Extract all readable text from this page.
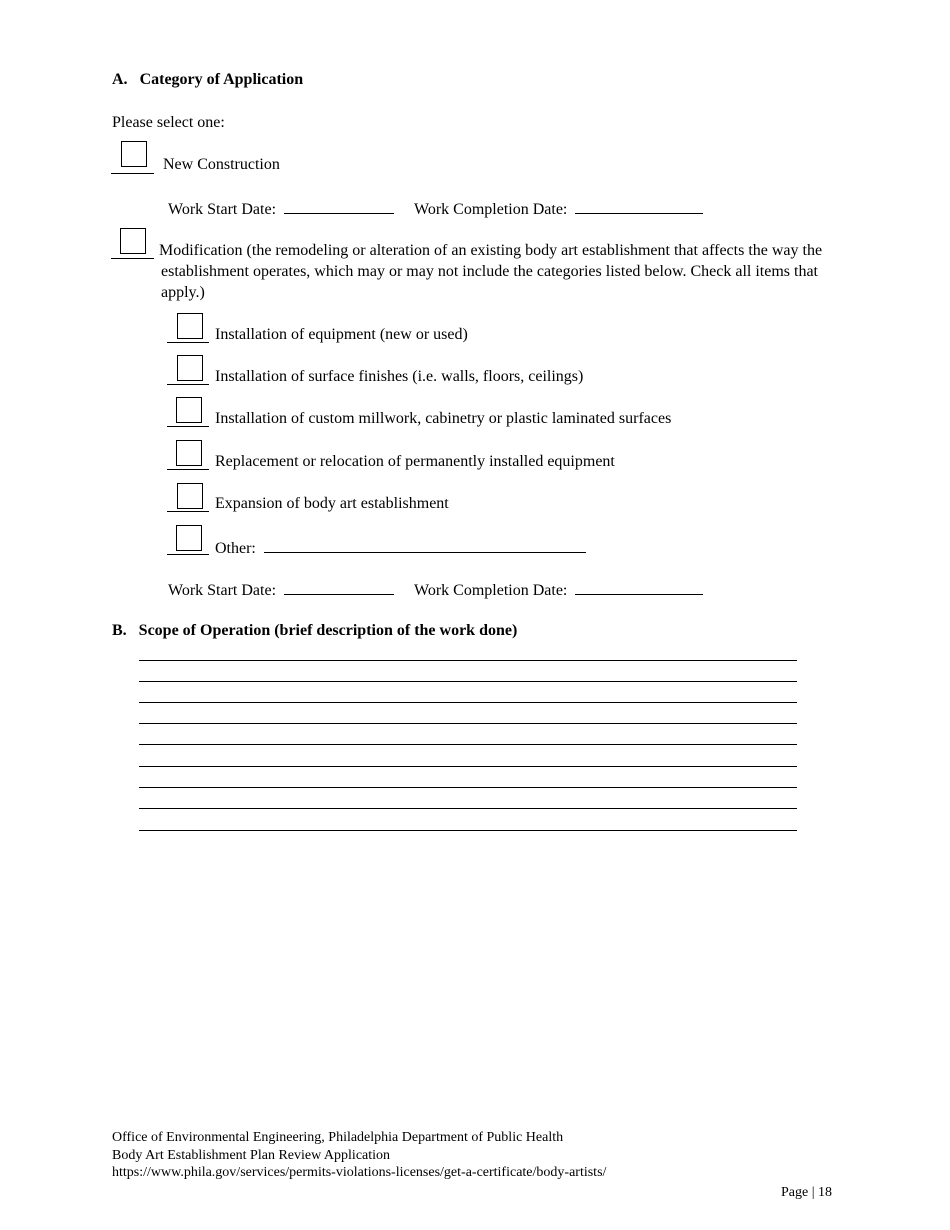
A. Category of Application
Please select one:
New Construction
Work Start Date:	Work Completion Date:
Modification (the remodeling or alteration of an existing body art establishment that affects the way the establishment operates, which may or may not include the categories listed below. Check all items that apply.)
Installation of equipment (new or used)
Installation of surface finishes (i.e. walls, floors, ceilings)
Installation of custom millwork, cabinetry or plastic laminated surfaces
Replacement or relocation of permanently installed equipment
Expansion of body art establishment
Other:
Work Start Date:	Work Completion Date:
B. Scope of Operation (brief description of the work done)
Office of Environmental Engineering, Philadelphia Department of Public Health
Body Art Establishment Plan Review Application
https://www.phila.gov/services/permits-violations-licenses/get-a-certificate/body-artists/
Page | 18
